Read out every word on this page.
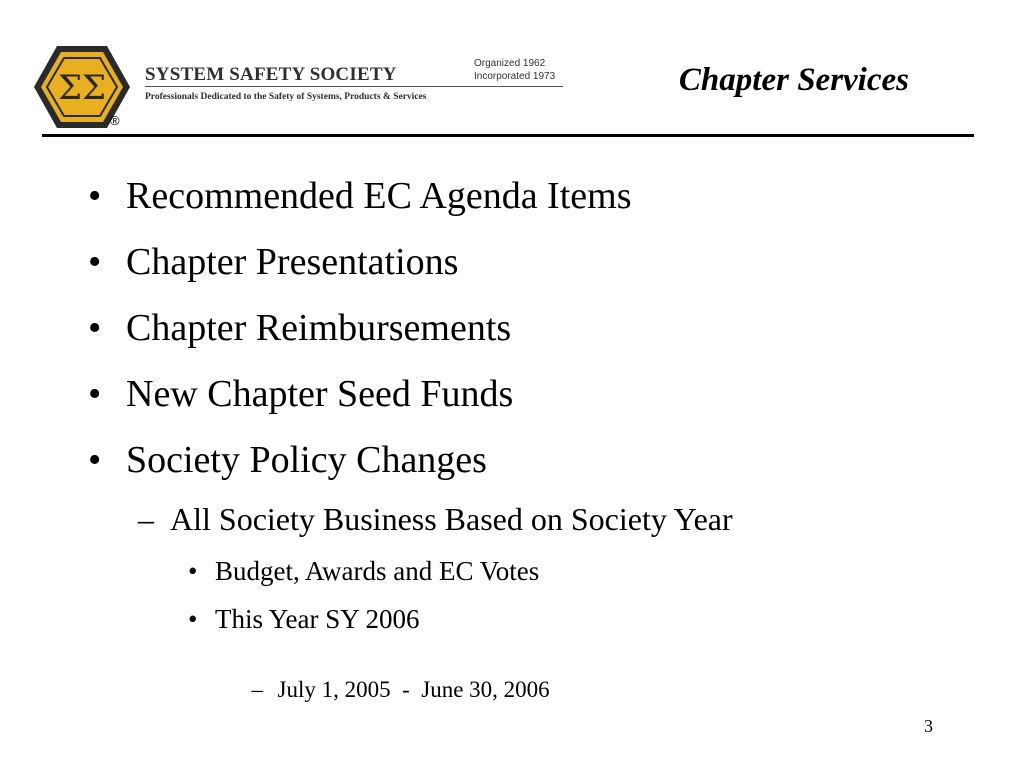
ΣΣ
®
SYSTEM SAFETY SOCIETY
Organized 1962
Incorporated 1973
Professionals Dedicated to the Safety of Systems, Products & Services	Chapter Services
• Recommended EC Agenda Items
• Chapter Presentations
• Chapter Reimbursements
• New Chapter Seed Funds
• Society Policy Changes
– All Society Business Based on Society Year
• Budget, Awards and EC Votes
• This Year SY 2006

– July 1, 2005  -  June 30, 2006

3
